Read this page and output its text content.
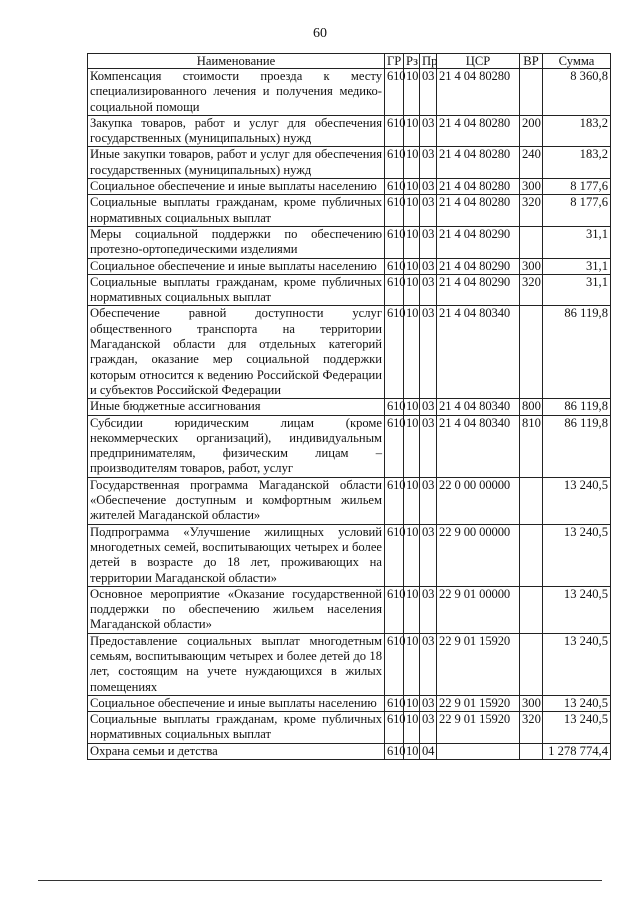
60
Наименование	ГР	Рз	Пр	ЦСР	ВР	Сумма
Компенсация стоимости проезда к месту специализированного лечения и получения медико-социальной помощи	610	10	03	21 4 04 80280		8 360,8
Закупка товаров, работ и услуг для обеспечения государственных (муниципальных) нужд	610	10	03	21 4 04 80280	200	183,2
Иные закупки товаров, работ и услуг для обеспечения государственных (муниципальных) нужд	610	10	03	21 4 04 80280	240	183,2
Социальное обеспечение и иные выплаты населению	610	10	03	21 4 04 80280	300	8 177,6
Социальные выплаты гражданам, кроме публичных нормативных социальных выплат	610	10	03	21 4 04 80280	320	8 177,6
Меры социальной поддержки по обеспечению протезно-ортопедическими изделиями	610	10	03	21 4 04 80290		31,1
Социальное обеспечение и иные выплаты населению	610	10	03	21 4 04 80290	300	31,1
Социальные выплаты гражданам, кроме публичных нормативных социальных выплат	610	10	03	21 4 04 80290	320	31,1
Обеспечение равной доступности услуг общественного транспорта на территории Магаданской области для отдельных категорий граждан, оказание мер социальной поддержки которым относится к ведению Российской Федерации и субъектов Российской Федерации	610	10	03	21 4 04 80340		86 119,8
Иные бюджетные ассигнования	610	10	03	21 4 04 80340	800	86 119,8
Субсидии юридическим лицам (кроме некоммерческих организаций), индивидуальным предпринимателям, физическим лицам – производителям товаров, работ, услуг	610	10	03	21 4 04 80340	810	86 119,8
Государственная программа Магаданской области «Обеспечение доступным и комфортным жильем жителей Магаданской области»	610	10	03	22 0 00 00000		13 240,5
Подпрограмма «Улучшение жилищных условий многодетных семей, воспитывающих четырех и более детей в возрасте до 18 лет, проживающих на территории Магаданской области»	610	10	03	22 9 00 00000		13 240,5
Основное мероприятие «Оказание государственной поддержки по обеспечению жильем населения Магаданской области»	610	10	03	22 9 01 00000		13 240,5
Предоставление социальных выплат многодетным семьям, воспитывающим четырех и более детей до 18 лет, состоящим на учете нуждающихся в жилых помещениях	610	10	03	22 9 01 15920		13 240,5
Социальное обеспечение и иные выплаты населению	610	10	03	22 9 01 15920	300	13 240,5
Социальные выплаты гражданам, кроме публичных нормативных социальных выплат	610	10	03	22 9 01 15920	320	13 240,5
Охрана семьи и детства	610	10	04			1 278 774,4
